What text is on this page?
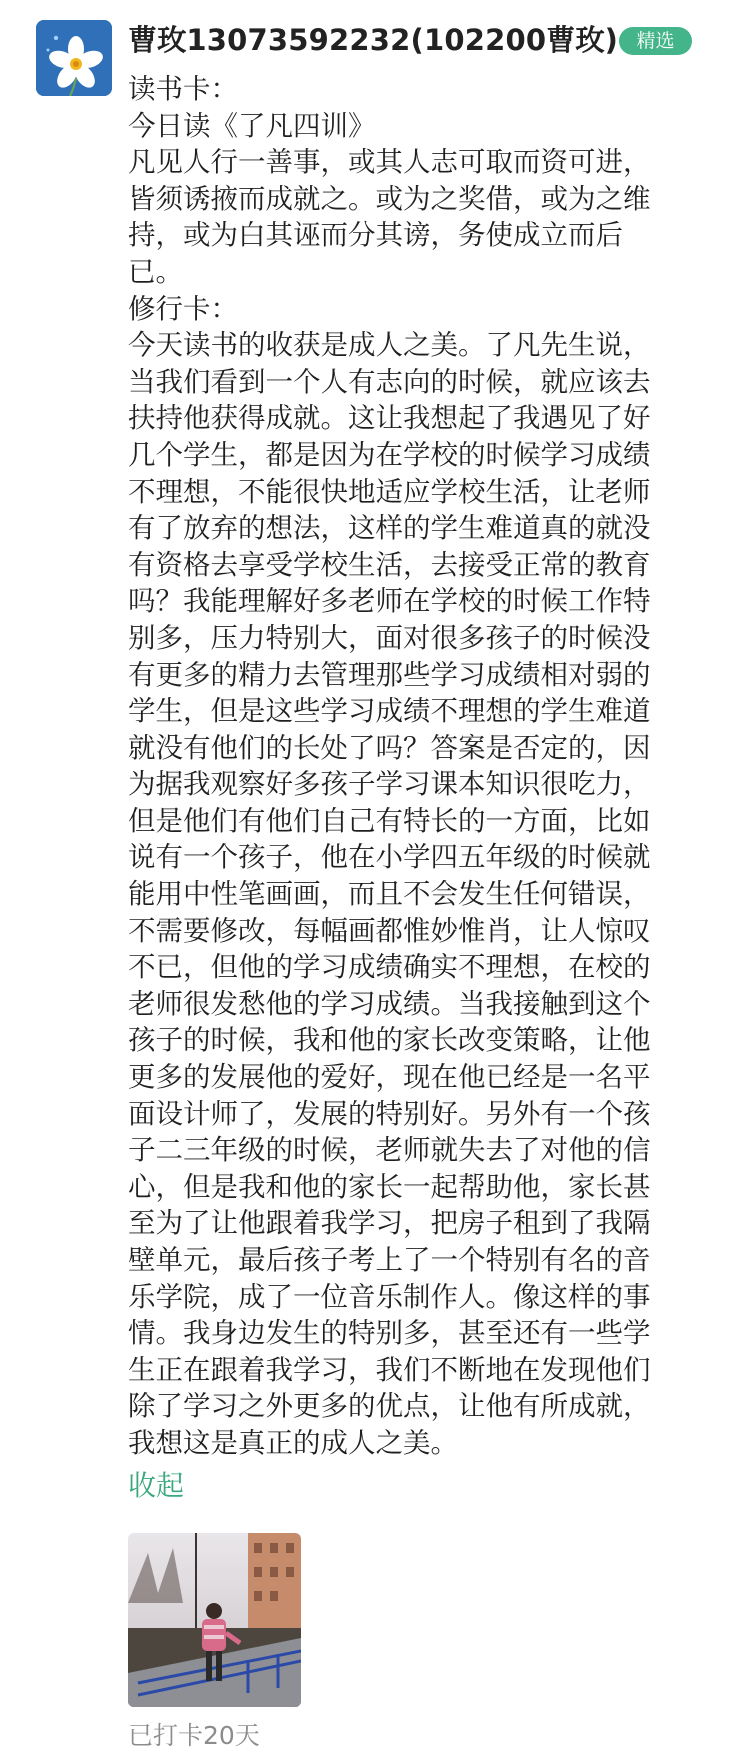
曹玫13073592232(102200曹玫) 精选
读书卡：
今日读《了凡四训》
凡见人行一善事，或其人志可取而资可进，
皆须诱掖而成就之。或为之奖借，或为之维
持，或为白其诬而分其谤，务使成立而后
已。
修行卡：
今天读书的收获是成人之美。了凡先生说，
当我们看到一个人有志向的时候，就应该去
扶持他获得成就。这让我想起了我遇见了好
几个学生，都是因为在学校的时候学习成绩
不理想，不能很快地适应学校生活，让老师
有了放弃的想法，这样的学生难道真的就没
有资格去享受学校生活，去接受正常的教育
吗？我能理解好多老师在学校的时候工作特
别多，压力特别大，面对很多孩子的时候没
有更多的精力去管理那些学习成绩相对弱的
学生，但是这些学习成绩不理想的学生难道
就没有他们的长处了吗？答案是否定的，因
为据我观察好多孩子学习课本知识很吃力，
但是他们有他们自己有特长的一方面，比如
说有一个孩子，他在小学四五年级的时候就
能用中性笔画画，而且不会发生任何错误，
不需要修改，每幅画都惟妙惟肖，让人惊叹
不已，但他的学习成绩确实不理想，在校的
老师很发愁他的学习成绩。当我接触到这个
孩子的时候，我和他的家长改变策略，让他
更多的发展他的爱好，现在他已经是一名平
面设计师了，发展的特别好。另外有一个孩
子二三年级的时候，老师就失去了对他的信
心，但是我和他的家长一起帮助他，家长甚
至为了让他跟着我学习，把房子租到了我隔
壁单元，最后孩子考上了一个特别有名的音
乐学院，成了一位音乐制作人。像这样的事
情。我身边发生的特别多，甚至还有一些学
生正在跟着我学习，我们不断地在发现他们
除了学习之外更多的优点，让他有所成就，
我想这是真正的成人之美。
收起
已打卡20天
